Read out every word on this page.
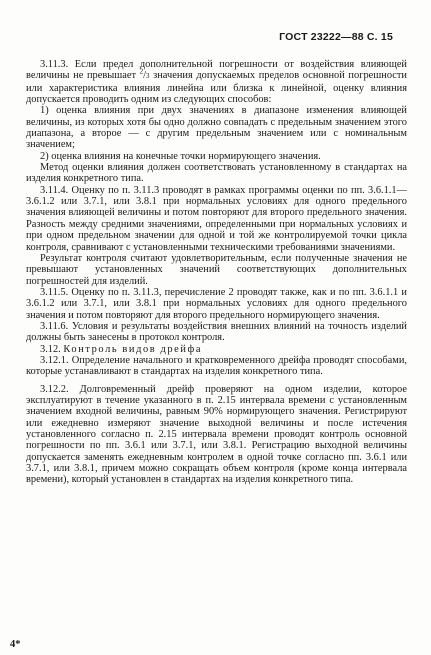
ГОСТ 23222—88 С. 15

3.11.3. Если предел дополнительной погрешности от воздействия влияющей величины не превышает $^2$/3 значения допускаемых пределов основной погрешности или характеристика влияния линейна или близка к линейной, оценку влияния допускается проводить одним из следующих способов:

1) оценка влияния при двух значениях в диапазоне изменения влияющей величины, из которых хотя бы одно должно совпадать с предельным значением этого диапазона, а второе — с другим предельным значением или с номинальным значением;

2) оценка влияния на конечные точки нормирующего значения.

Метод оценки влияния должен соответствовать установленному в стандартах на изделия конкретного типа.

3.11.4. Оценку по п. 3.11.3 проводят в рамках программы оценки по пп. 3.6.1.1—3.6.1.2 или 3.7.1, или 3.8.1 при нормальных условиях для одного предельного значения влияющей величины и потом повторяют для второго предельного значения. Разность между средними значениями, определенными при нормальных условиях и при одном предельном значении для одной и той же контролируемой точки цикла контроля, сравнивают с установленными техническими требованиями значениями.

Результат контроля считают удовлетворительным, если полученные значения не превышают установленных значений соответствующих дополнительных погрешностей для изделий.

3.11.5. Оценку по п. 3.11.3, перечисление 2 проводят также, как и по пп. 3.6.1.1 и 3.6.1.2 или 3.7.1, или 3.8.1 при нормальных условиях для одного предельного значения и потом повторяют для второго предельного нормирующего значения.

3.11.6. Условия и результаты воздействия внешних влияний на точность изделий должны быть занесены в протокол контроля.

3.12. Контроль видов дрейфа

3.12.1. Определение начального и кратковременного дрейфа проводят способами, которые устанавливают в стандартах на изделия конкретного типа.

3.12.2. Долговременный дрейф проверяют на одном изделии, которое эксплуатируют в течение указанного в п. 2.15 интервала времени с установленным значением входной величины, равным 90% нормирующего значения. Регистрируют или ежедневно измеряют значение выходной величины и после истечения установленного согласно п. 2.15 интервала времени проводят контроль основной погрешности по пп. 3.6.1 или 3.7.1, или 3.8.1. Регистрацию выходной величины допускается заменять ежедневным контролем в одной точке согласно пп. 3.6.1 или 3.7.1, или 3.8.1, причем можно сокращать объем контроля (кроме конца интервала времени), который установлен в стандартах на изделия конкретного типа.

4*
